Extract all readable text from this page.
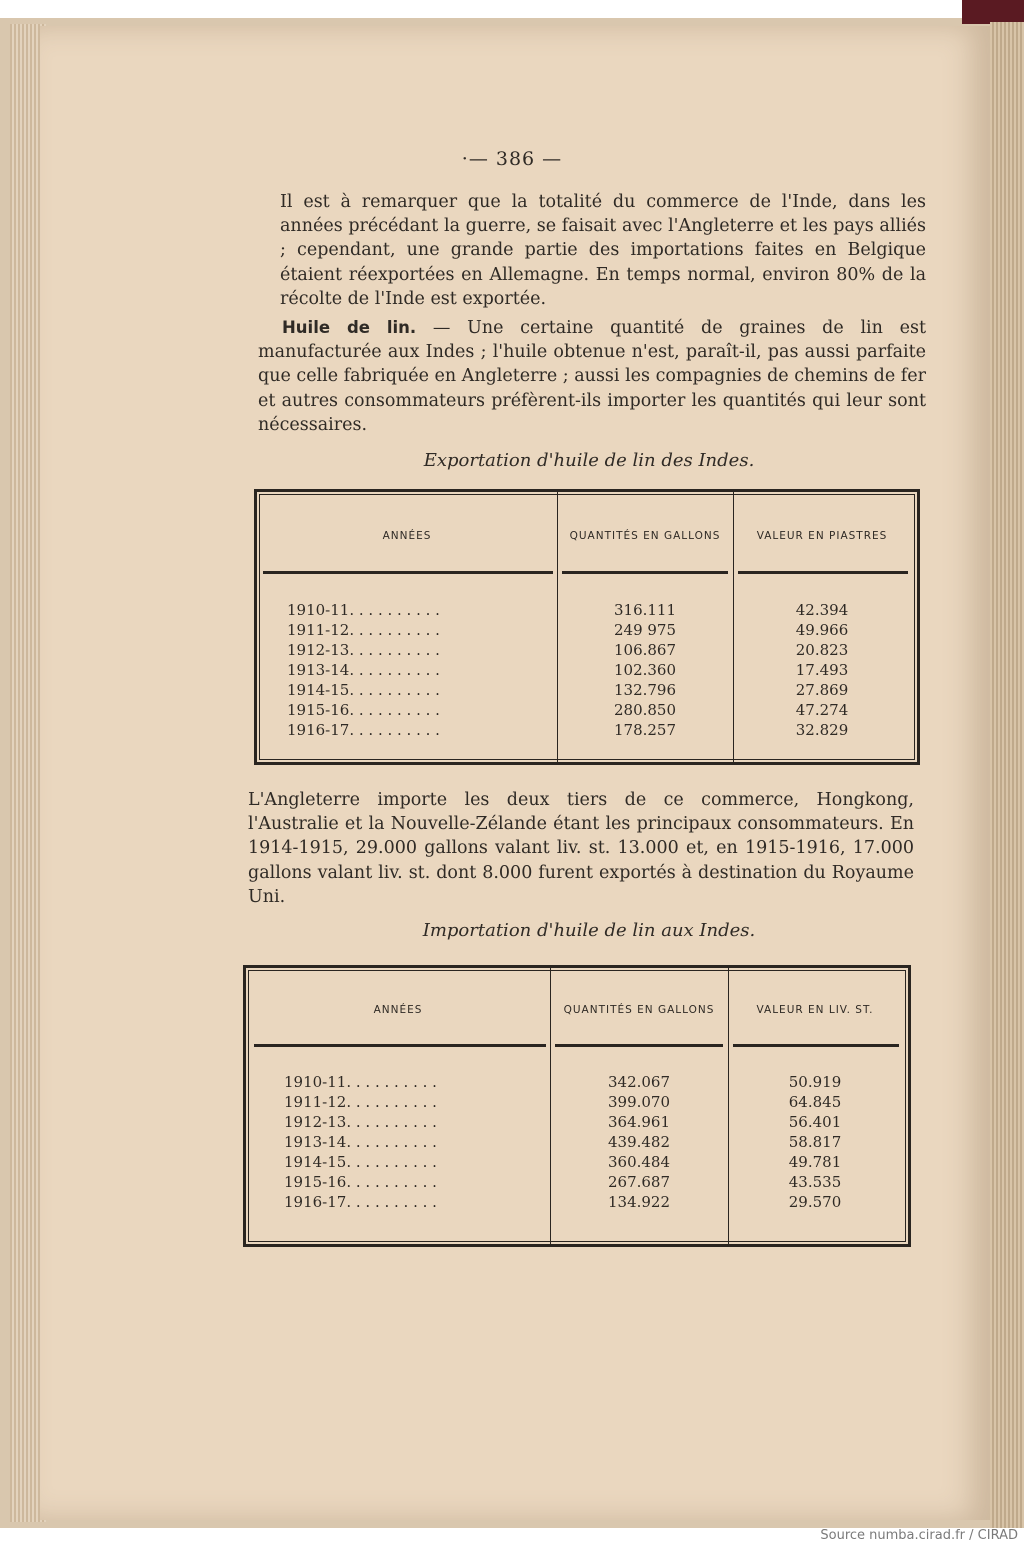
·— 386 —

Il est à remarquer que la totalité du commerce de l'Inde, dans les années précédant la guerre, se faisait avec l'Angleterre et les pays alliés ; cependant, une grande partie des importations faites en Belgique étaient réexportées en Allemagne. En temps normal, environ 80% de la récolte de l'Inde est exportée.

Huile de lin. — Une certaine quantité de graines de lin est manufacturée aux Indes ; l'huile obtenue n'est, paraît-il, pas aussi parfaite que celle fabriquée en Angleterre ; aussi les compagnies de chemins de fer et autres consommateurs préfèrent-ils importer les quantités qui leur sont nécessaires.

Exportation d'huile de lin des Indes.
ANNÉES	QUANTITÉS EN GALLONS	VALEUR EN PIASTRES
1910-11. . . . . . . . . .	316.111	42.394
1911-12. . . . . . . . . .	249 975	49.966
1912-13. . . . . . . . . .	106.867	20.823
1913-14. . . . . . . . . .	102.360	17.493
1914-15. . . . . . . . . .	132.796	27.869
1915-16. . . . . . . . . .	280.850	47.274
1916-17. . . . . . . . . .	178.257	32.829

L'Angleterre importe les deux tiers de ce commerce, Hongkong, l'Australie et la Nouvelle-Zélande étant les principaux consommateurs. En 1914-1915, 29.000 gallons valant liv. st. 13.000 et, en 1915-1916, 17.000 gallons valant liv. st. dont 8.000 furent exportés à destination du Royaume Uni.

Importation d'huile de lin aux Indes.
ANNÉES	QUANTITÉS EN GALLONS	VALEUR EN LIV. ST.
1910-11. . . . . . . . . .	342.067	50.919
1911-12. . . . . . . . . .	399.070	64.845
1912-13. . . . . . . . . .	364.961	56.401
1913-14. . . . . . . . . .	439.482	58.817
1914-15. . . . . . . . . .	360.484	49.781
1915-16. . . . . . . . . .	267.687	43.535
1916-17. . . . . . . . . .	134.922	29.570
Source numba.cirad.fr / CIRAD
